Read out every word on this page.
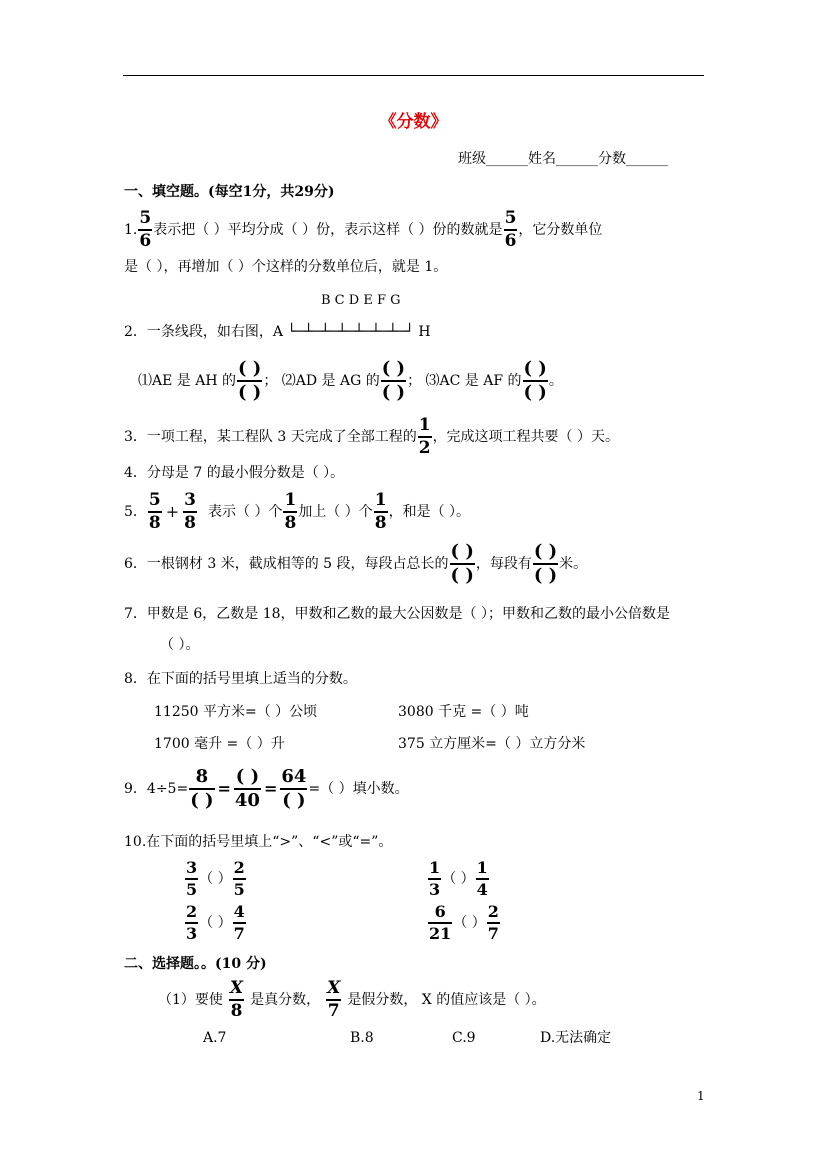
《分数》
班级______姓名______分数______
一、填空题。(每空1分，共29分)
1.
5
6
表示把（ ）平均分成（ ）份，表示这样（ ）份的数就是
5
6
，它分数单位
是（ ），再增加（ ）个这样的分数单位后，就是 1。
B C D E F G
2．一条线段，如右图，A └─┴─┴─┴─┴─┴─┴─┘ H
⑴AE 是 AH 的
( )
( )
； ⑵AD 是 AG 的
( )
( )
； ⑶AC 是 AF 的
( )
( )
。
3．一项工程，某工程队 3 天完成了全部工程的
1
2
，完成这项工程共要（ ）天。
4．分母是 7 的最小假分数是（ ）。
5．
5
8
+
3
8
表示（ ）个
1
8
加上（ ）个
1
8
，和是（ ）。
6．一根钢材 3 米，截成相等的 5 段，每段占总长的
( )
( )
，每段有
( )
( )
米。
7．甲数是 6，乙数是 18，甲数和乙数的最大公因数是（ ）；甲数和乙数的最小公倍数是
（ ）。
8．在下面的括号里填上适当的分数。
11250 平方米=（ ）公顷	3080 千克 =（ ）吨
1700 毫升 =（ ）升	375 立方厘米=（ ）立方分米
9．4÷5=
8
( )
=
( )
40
=
64
( )
=（ ）填小数。
10.在下面的括号里填上“>”、“<”或“=”。
3
5
（ ）
2
5
1
3
（ ）
1
4
2
3
（ ）
4
7
6
21
（ ）
2
7
二、选择题。。(10 分)
（1）要使
X
8
是真分数，
X
7
是假分数， X 的值应该是（ ）。
A.7	B.8	C.9	D.无法确定
1
